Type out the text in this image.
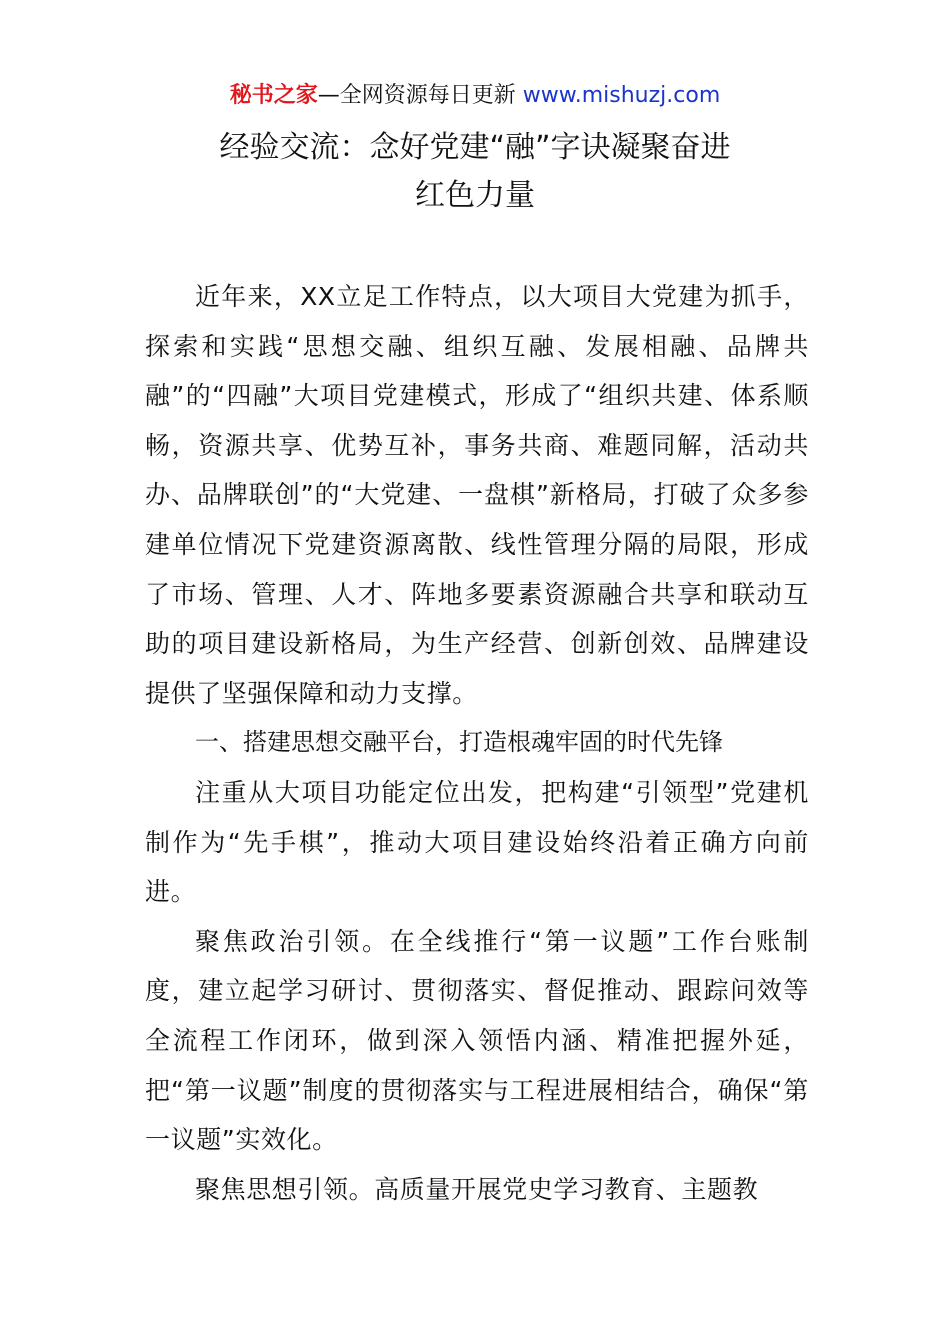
秘书之家—全网资源每日更新 www.mishuzj.com
经验交流：念好党建“融”字诀凝聚奋进
红色力量

近年来，XX立足工作特点，以大项目大党建为抓手，探索和实践“思想交融、组织互融、发展相融、品牌共融”的“四融”大项目党建模式，形成了“组织共建、体系顺畅，资源共享、优势互补，事务共商、难题同解，活动共办、品牌联创”的“大党建、一盘棋”新格局，打破了众多参建单位情况下党建资源离散、线性管理分隔的局限，形成了市场、管理、人才、阵地多要素资源融合共享和联动互助的项目建设新格局，为生产经营、创新创效、品牌建设提供了坚强保障和动力支撑。

一、搭建思想交融平台，打造根魂牢固的时代先锋

注重从大项目功能定位出发，把构建“引领型”党建机制作为“先手棋”，推动大项目建设始终沿着正确方向前进。

聚焦政治引领。在全线推行“第一议题”工作台账制度，建立起学习研讨、贯彻落实、督促推动、跟踪问效等全流程工作闭环，做到深入领悟内涵、精准把握外延，把“第一议题”制度的贯彻落实与工程进展相结合，确保“第一议题”实效化。

聚焦思想引领。高质量开展党史学习教育、主题教
